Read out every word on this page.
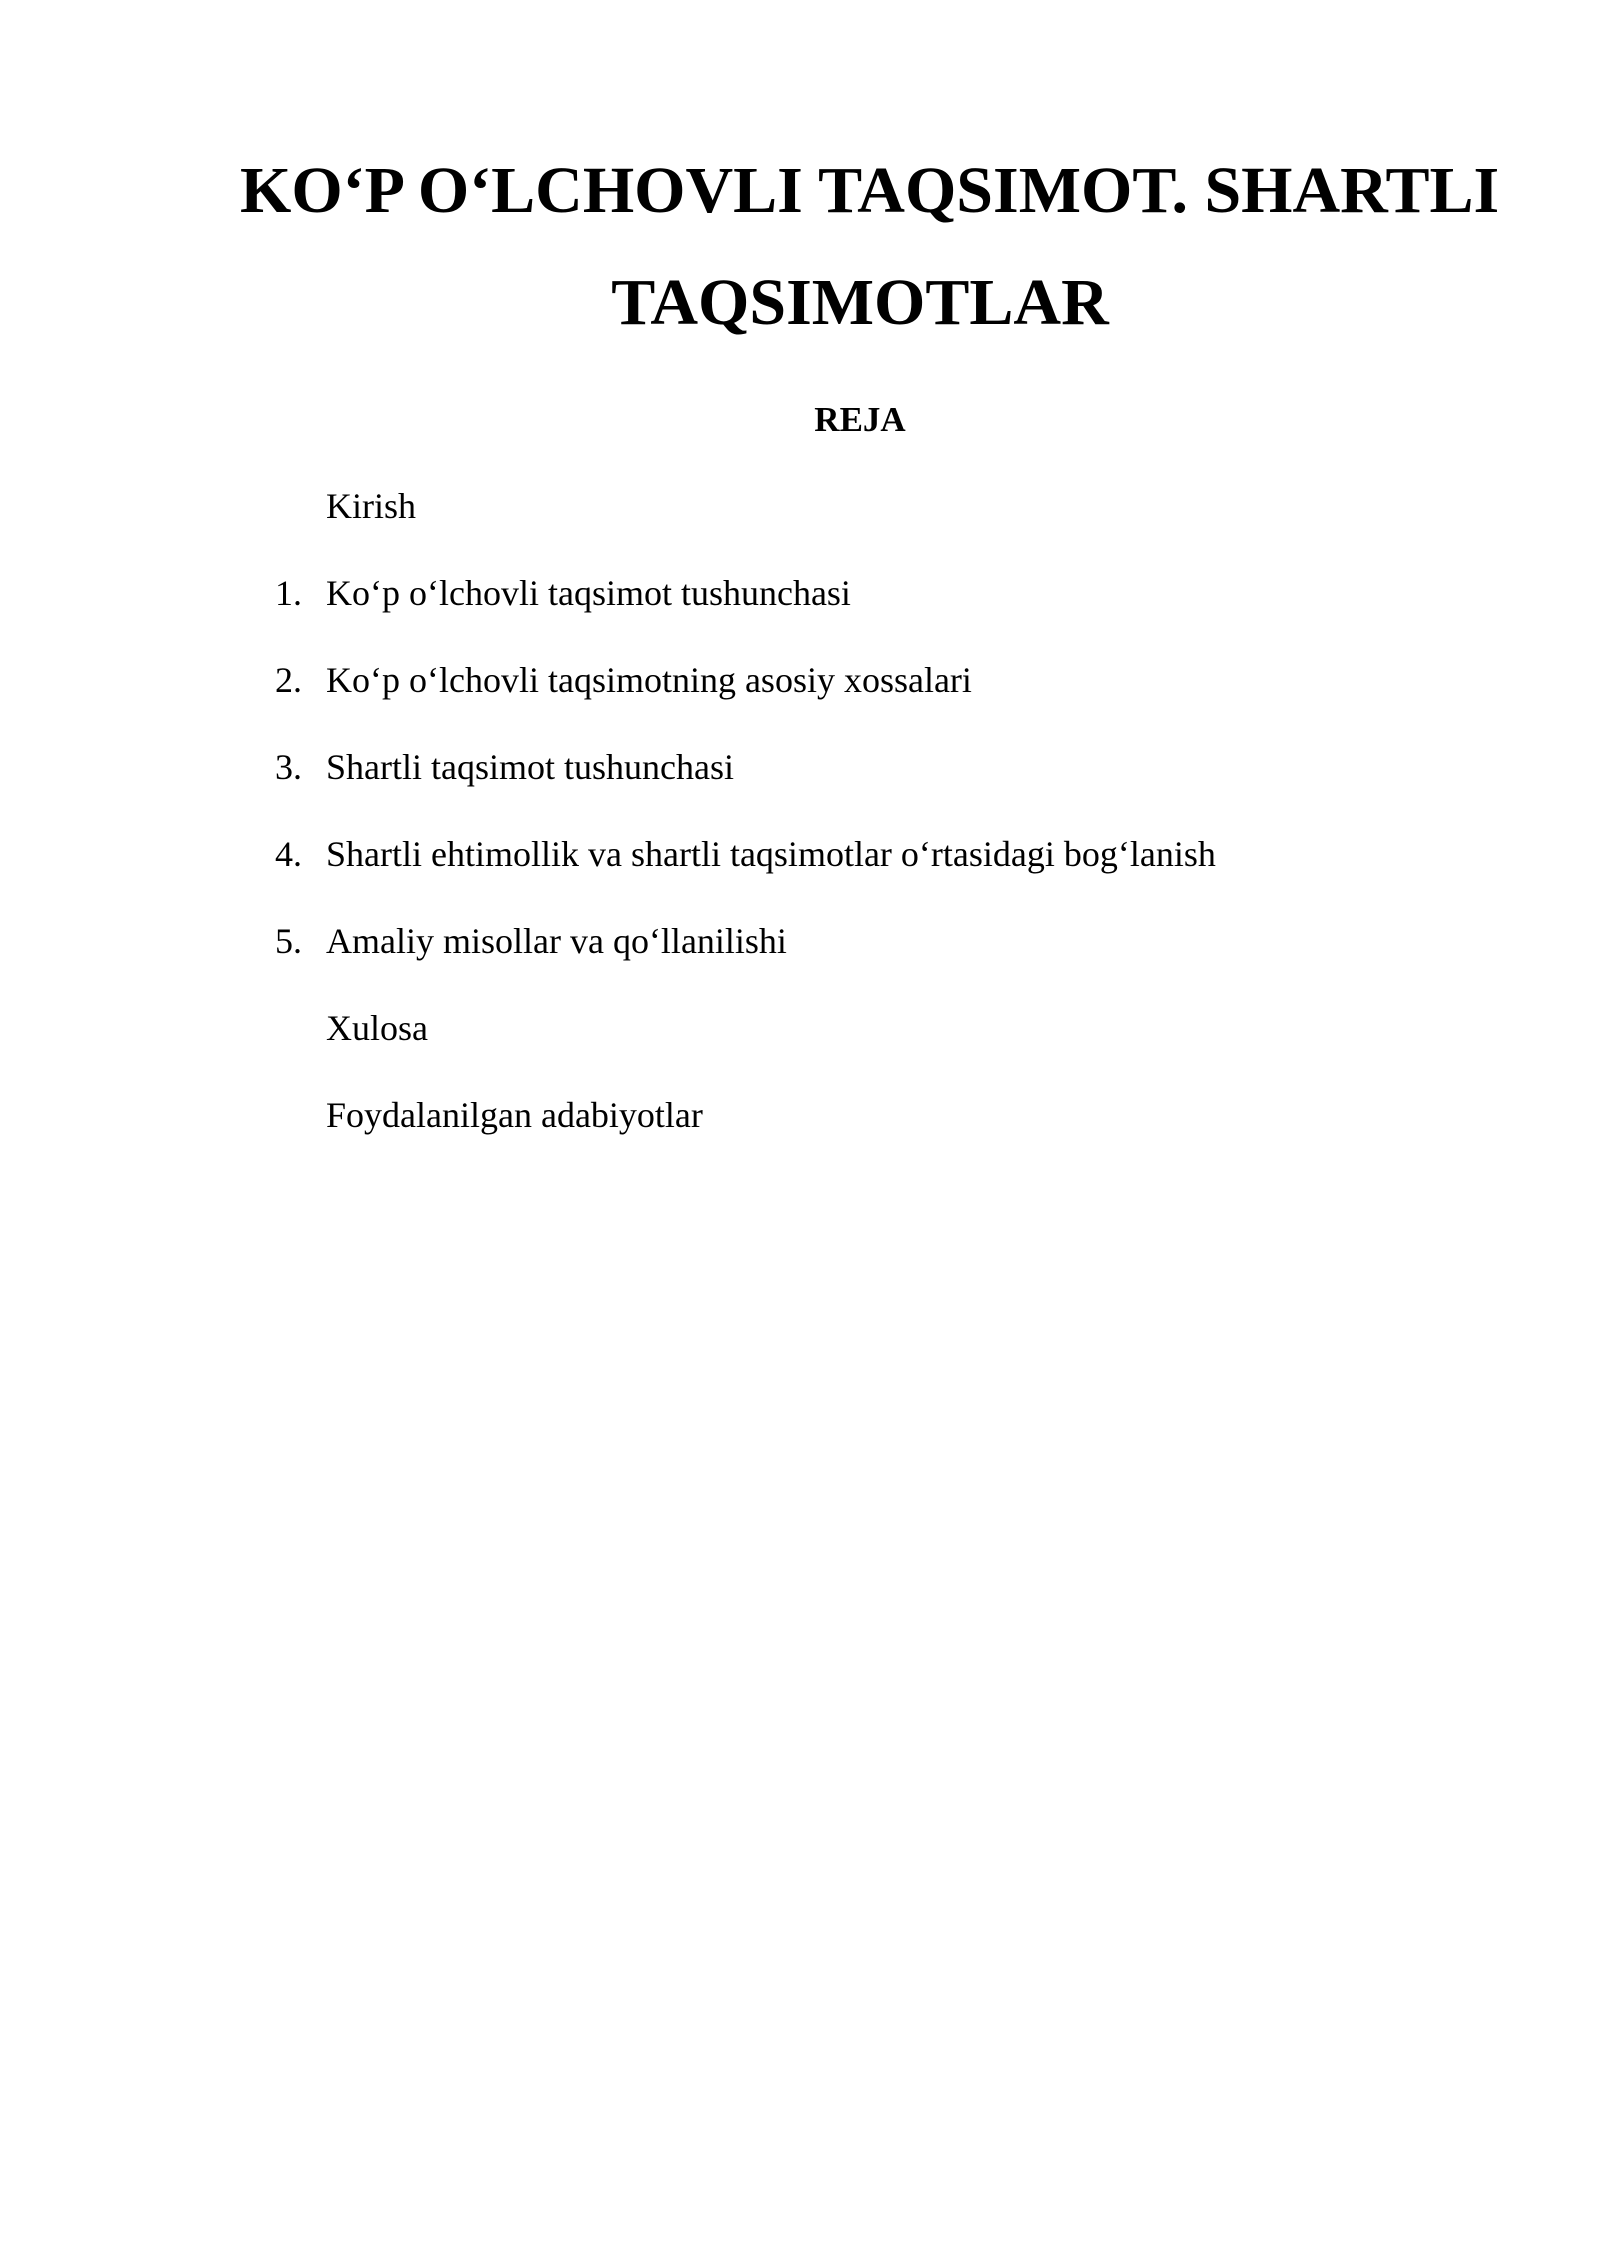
KO‘P O‘LCHOVLI TAQSIMOT. SHARTLI
TAQSIMOTLAR
REJA
Kirish
1. Ko‘p o‘lchovli taqsimot tushunchasi
2. Ko‘p o‘lchovli taqsimotning asosiy xossalari
3. Shartli taqsimot tushunchasi
4. Shartli ehtimollik va shartli taqsimotlar o‘rtasidagi bog‘lanish
5. Amaliy misollar va qo‘llanilishi
Xulosa
Foydalanilgan adabiyotlar
